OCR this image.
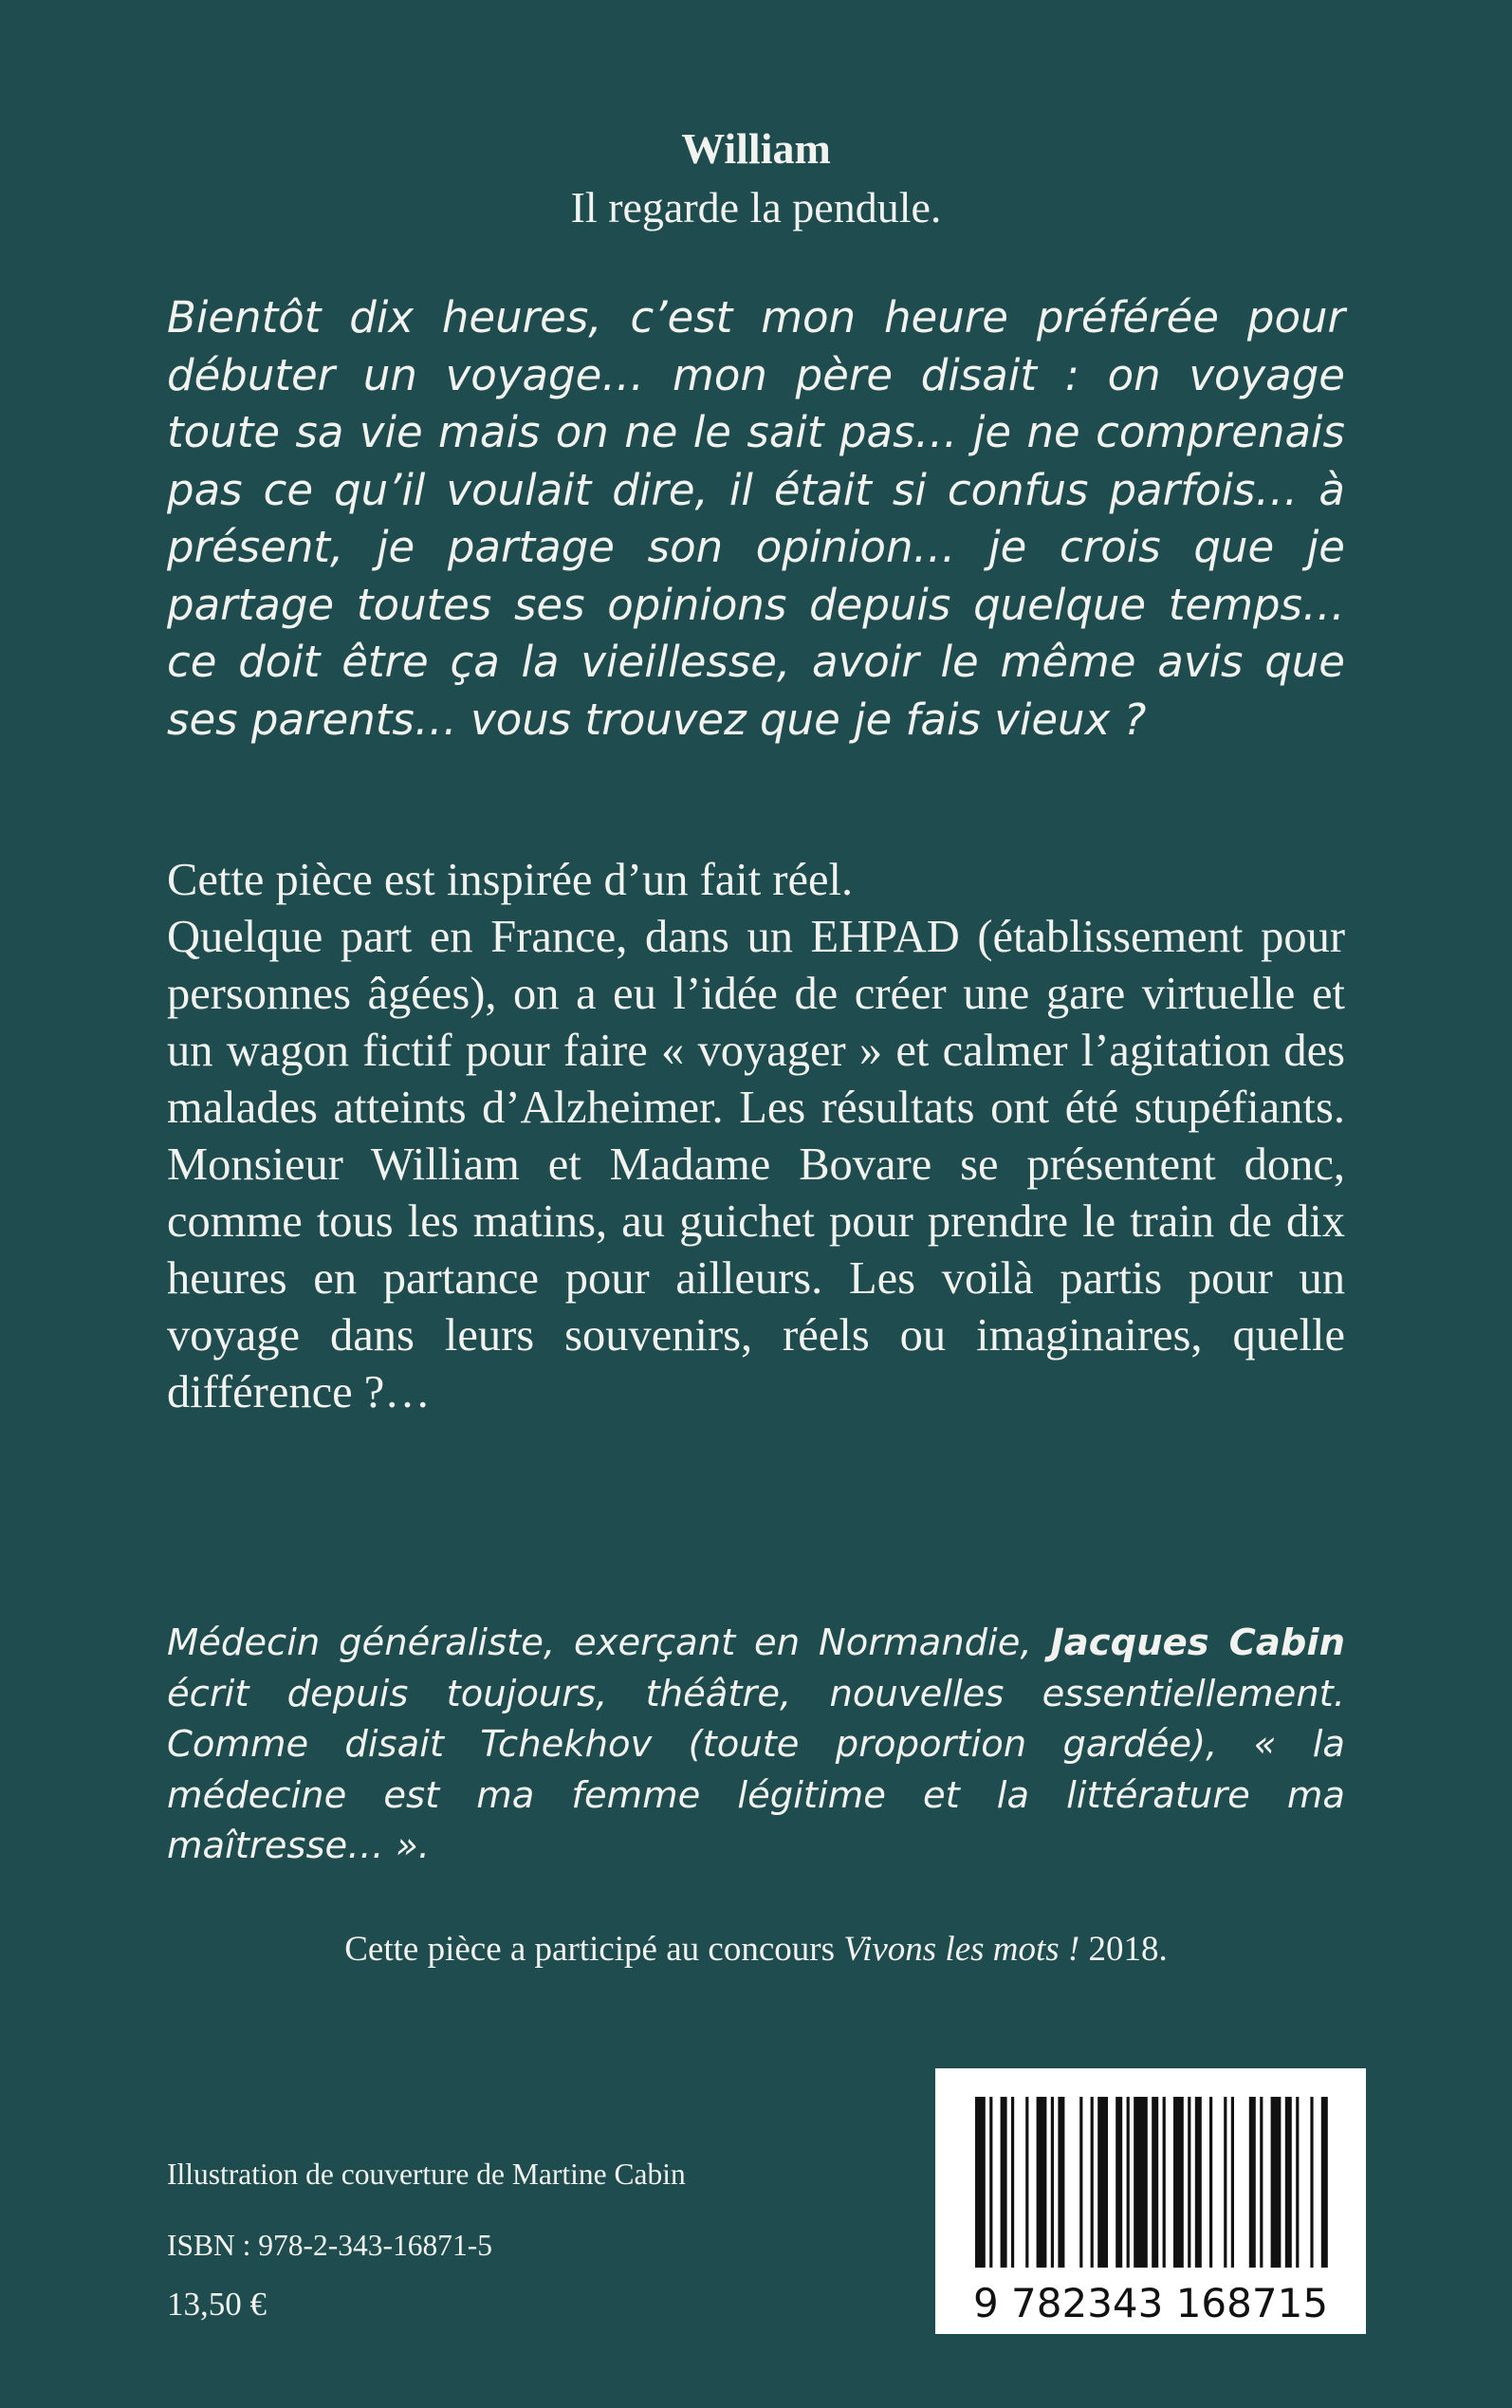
William
Il regarde la pendule.

Bientôt dix heures, c’est mon heure préférée pour débuter un voyage… mon père disait : on voyage toute sa vie mais on ne le sait pas… je ne comprenais pas ce qu’il voulait dire, il était si confus parfois… à présent, je partage son opinion… je crois que je partage toutes ses opinions depuis quelque temps… ce doit être ça la vieillesse, avoir le même avis que ses parents… vous trouvez que je fais vieux ?

Cette pièce est inspirée d’un fait réel.
Quelque part en France, dans un EHPAD (établissement pour personnes âgées), on a eu l’idée de créer une gare virtuelle et un wagon fictif pour faire « voyager » et calmer l’agitation des malades atteints d’Alzheimer. Les résultats ont été stupéfiants. Monsieur William et Madame Bovare se présentent donc, comme tous les matins, au guichet pour prendre le train de dix heures en partance pour ailleurs. Les voilà partis pour un voyage dans leurs souvenirs, réels ou imaginaires, quelle différence ?…

Médecin généraliste, exerçant en Normandie, Jacques Cabin écrit depuis toujours, théâtre, nouvelles essentiellement. Comme disait Tchekhov (toute proportion gardée), « la médecine est ma femme légitime et la littérature ma maîtresse… ».

Cette pièce a participé au concours Vivons les mots ! 2018.
Illustration de couverture de Martine Cabin
ISBN : 978-2-343-16871-5
13,50 €	9 782343 168715
